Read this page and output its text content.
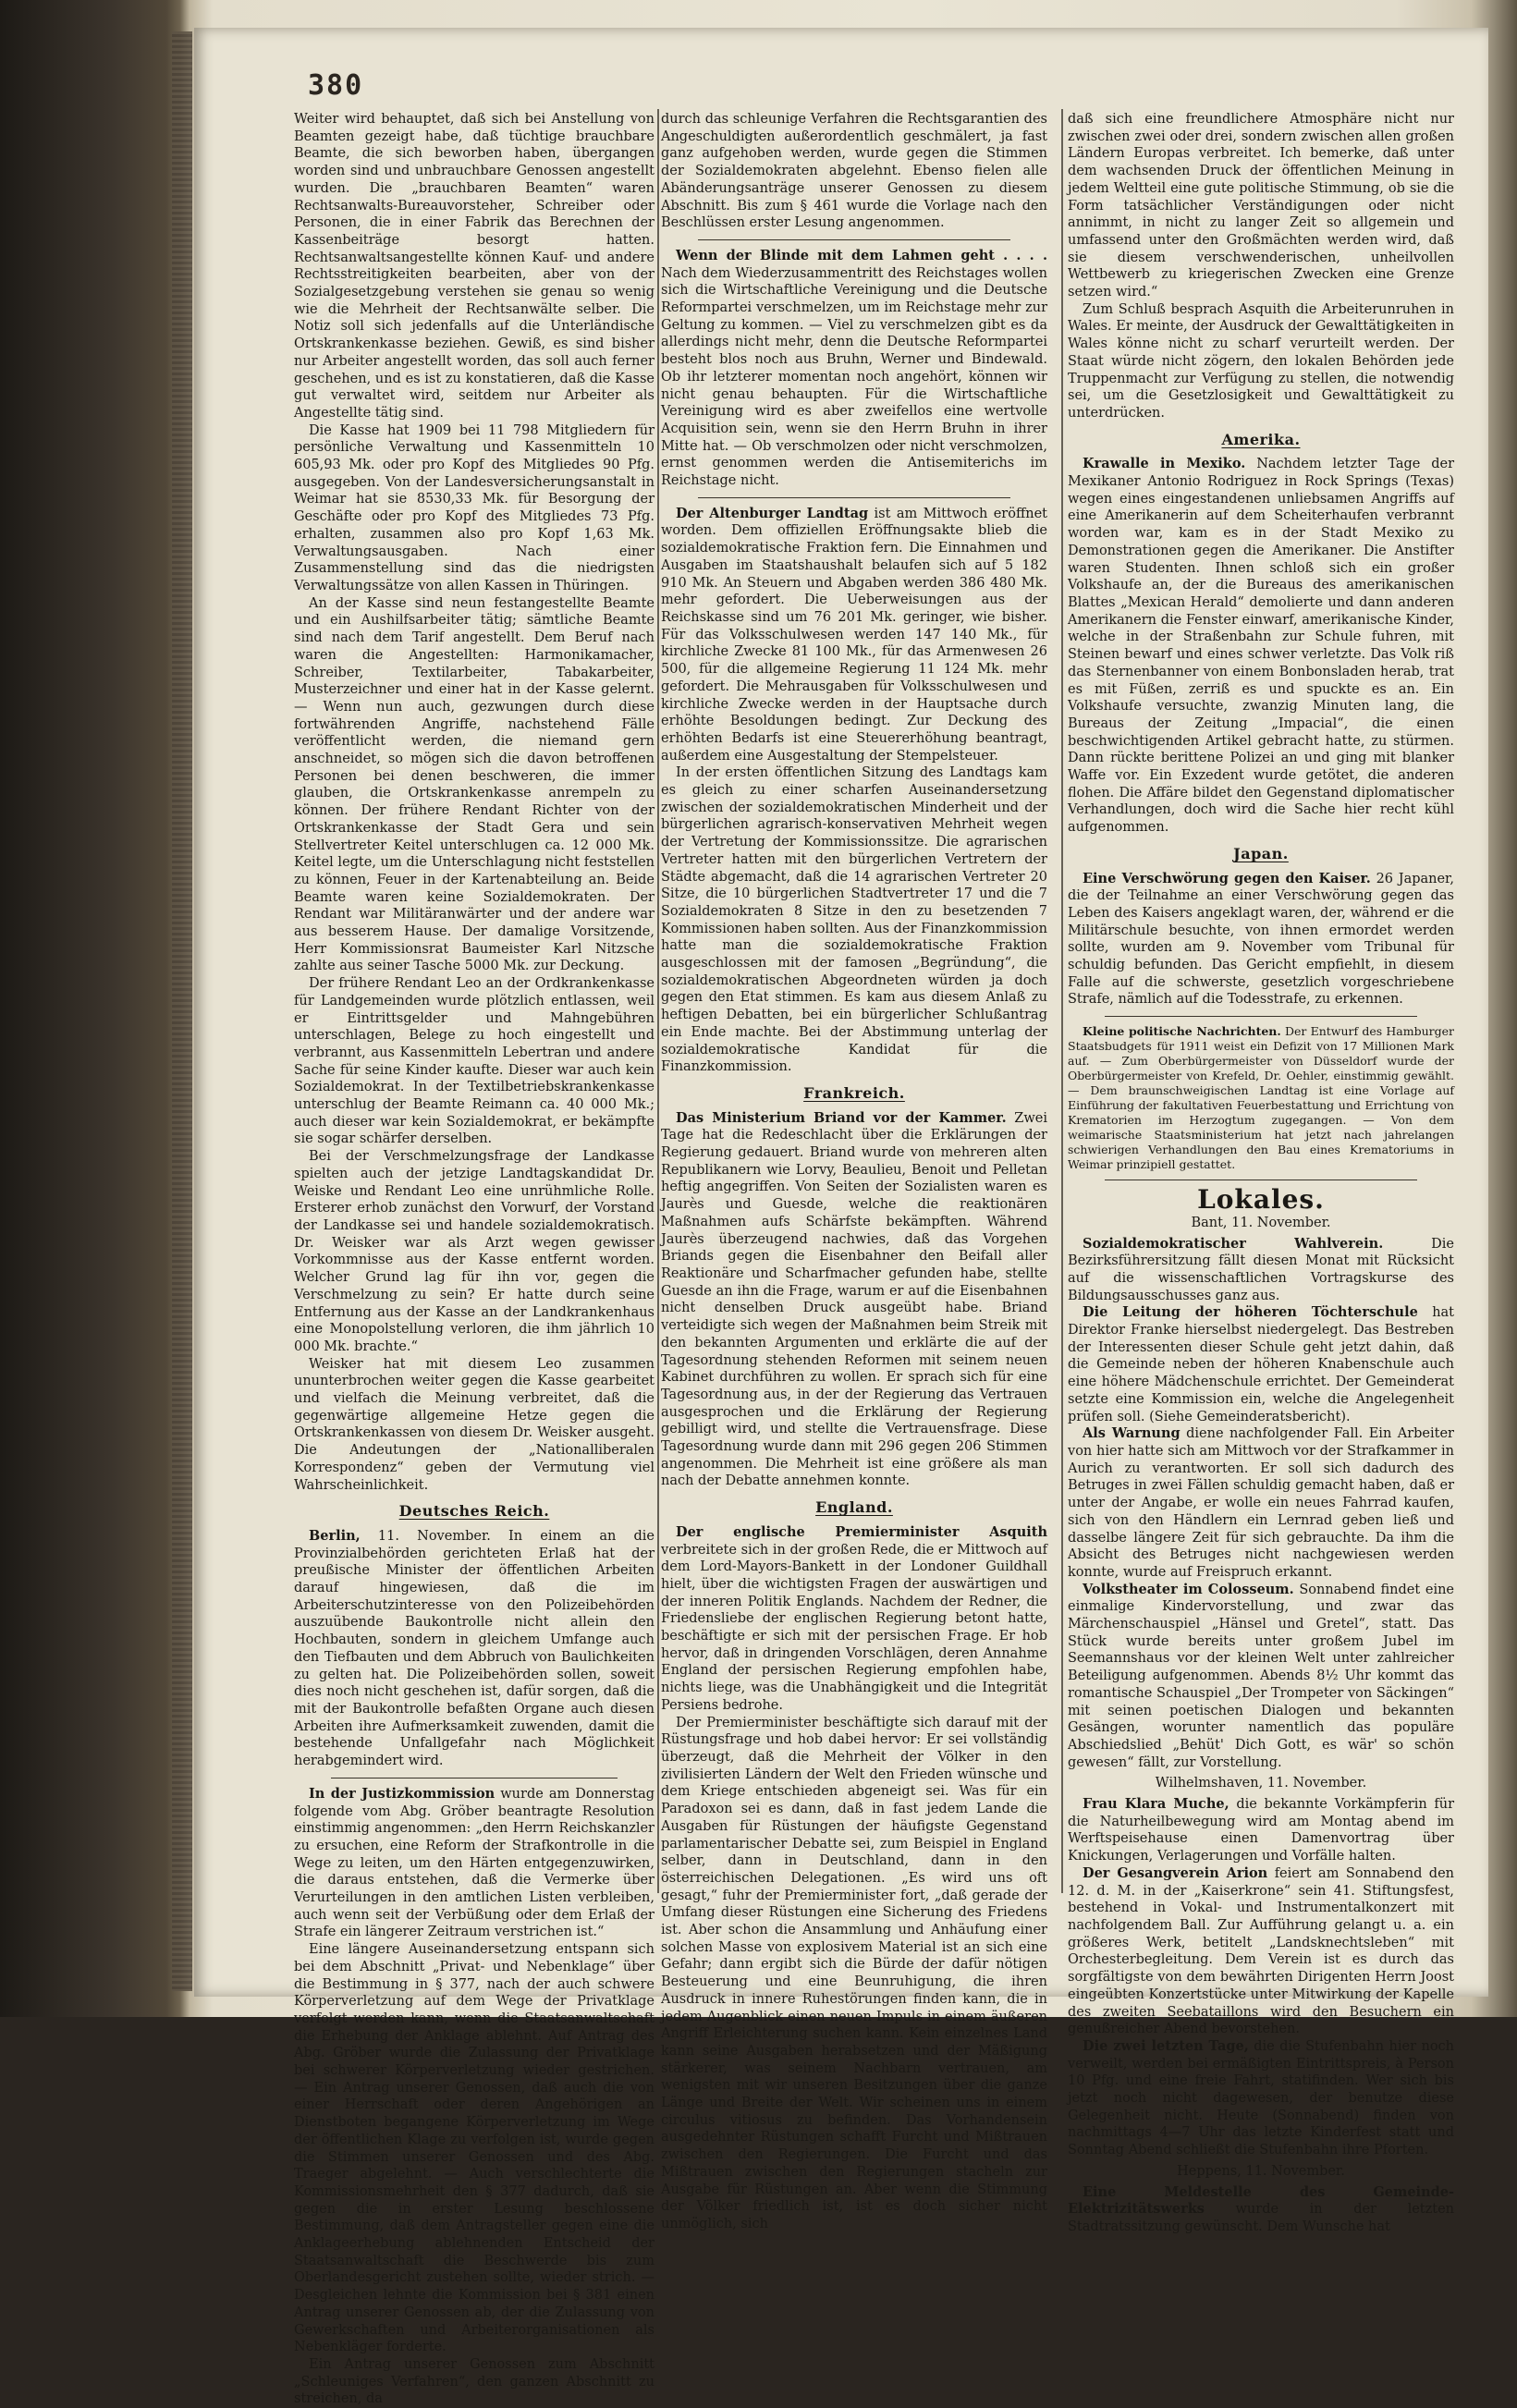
380

Weiter wird behauptet, daß sich bei Anstellung von Beamten gezeigt habe, daß tüchtige brauchbare Beamte, die sich beworben haben, übergangen worden sind und unbrauchbare Genossen angestellt wurden. Die „brauchbaren Beamten“ waren Rechtsanwalts-Bureauvorsteher, Schreiber oder Personen, die in einer Fabrik das Berechnen der Kassenbeiträge besorgt hatten. Rechtsanwaltsangestellte können Kauf- und andere Rechtsstreitigkeiten bearbeiten, aber von der Sozialgesetzgebung verstehen sie genau so wenig wie die Mehrheit der Rechtsanwälte selber. Die Notiz soll sich jedenfalls auf die Unterländische Ortskrankenkasse beziehen. Gewiß, es sind bisher nur Arbeiter angestellt worden, das soll auch ferner geschehen, und es ist zu konstatieren, daß die Kasse gut verwaltet wird, seitdem nur Arbeiter als Angestellte tätig sind.

Die Kasse hat 1909 bei 11 798 Mitgliedern für persönliche Verwaltung und Kassenmitteln 10 605,93 Mk. oder pro Kopf des Mitgliedes 90 Pfg. ausgegeben. Von der Landesversicherungsanstalt in Weimar hat sie 8530,33 Mk. für Besorgung der Geschäfte oder pro Kopf des Mitgliedes 73 Pfg. erhalten, zusammen also pro Kopf 1,63 Mk. Verwaltungsausgaben. Nach einer Zusammenstellung sind das die niedrigsten Verwaltungssätze von allen Kassen in Thüringen.

An der Kasse sind neun festangestellte Beamte und ein Aushilfsarbeiter tätig; sämtliche Beamte sind nach dem Tarif angestellt. Dem Beruf nach waren die Angestellten: Harmonikamacher, Schreiber, Textilarbeiter, Tabakarbeiter, Musterzeichner und einer hat in der Kasse gelernt. — Wenn nun auch, gezwungen durch diese fortwährenden Angriffe, nachstehend Fälle veröffentlicht werden, die niemand gern anschneidet, so mögen sich die davon betroffenen Personen bei denen beschweren, die immer glauben, die Ortskrankenkasse anrempeln zu können. Der frühere Rendant Richter von der Ortskrankenkasse der Stadt Gera und sein Stellvertreter Keitel unterschlugen ca. 12 000 Mk. Keitel legte, um die Unterschlagung nicht feststellen zu können, Feuer in der Kartenabteilung an. Beide Beamte waren keine Sozialdemokraten. Der Rendant war Militäranwärter und der andere war aus besserem Hause. Der damalige Vorsitzende, Herr Kommissionsrat Baumeister Karl Nitzsche zahlte aus seiner Tasche 5000 Mk. zur Deckung.

Der frühere Rendant Leo an der Ordkrankenkasse für Landgemeinden wurde plötzlich entlassen, weil er Eintrittsgelder und Mahngebühren unterschlagen, Belege zu hoch eingestellt und verbrannt, aus Kassenmitteln Lebertran und andere Sache für seine Kinder kaufte. Dieser war auch kein Sozialdemokrat. In der Textilbetriebskrankenkasse unterschlug der Beamte Reimann ca. 40 000 Mk.; auch dieser war kein Sozialdemokrat, er bekämpfte sie sogar schärfer derselben.

Bei der Verschmelzungsfrage der Landkasse spielten auch der jetzige Landtagskandidat Dr. Weiske und Rendant Leo eine unrühmliche Rolle. Ersterer erhob zunächst den Vorwurf, der Vorstand der Landkasse sei und handele sozialdemokratisch. Dr. Weisker war als Arzt wegen gewisser Vorkommnisse aus der Kasse entfernt worden. Welcher Grund lag für ihn vor, gegen die Verschmelzung zu sein? Er hatte durch seine Entfernung aus der Kasse an der Landkrankenhaus eine Monopolstellung verloren, die ihm jährlich 10 000 Mk. brachte.“

Weisker hat mit diesem Leo zusammen ununterbrochen weiter gegen die Kasse gearbeitet und vielfach die Meinung verbreitet, daß die gegenwärtige allgemeine Hetze gegen die Ortskrankenkassen von diesem Dr. Weisker ausgeht. Die Andeutungen der „Nationalliberalen Korrespondenz“ geben der Vermutung viel Wahrscheinlichkeit.

Deutsches Reich.

Berlin, 11. November. In einem an die Provinzialbehörden gerichteten Erlaß hat der preußische Minister der öffentlichen Arbeiten darauf hingewiesen, daß die im Arbeiterschutzinteresse von den Polizeibehörden auszuübende Baukontrolle nicht allein den Hochbauten, sondern in gleichem Umfange auch den Tiefbauten und dem Abbruch von Baulichkeiten zu gelten hat. Die Polizeibehörden sollen, soweit dies noch nicht geschehen ist, dafür sorgen, daß die mit der Baukontrolle befaßten Organe auch diesen Arbeiten ihre Aufmerksamkeit zuwenden, damit die bestehende Unfallgefahr nach Möglichkeit herabgemindert wird.

In der Justizkommission wurde am Donnerstag folgende vom Abg. Gröber beantragte Resolution einstimmig angenommen: „den Herrn Reichskanzler zu ersuchen, eine Reform der Strafkontrolle in die Wege zu leiten, um den Härten entgegenzuwirken, die daraus entstehen, daß die Vermerke über Verurteilungen in den amtlichen Listen verbleiben, auch wenn seit der Verbüßung oder dem Erlaß der Strafe ein längerer Zeitraum verstrichen ist.“

Eine längere Auseinandersetzung entspann sich bei dem Abschnitt „Privat- und Nebenklage“ über die Bestimmung in § 377, nach der auch schwere Körperverletzung auf dem Wege der Privatklage verfolgt werden kann, wenn die Staatsanwaltschaft die Erhebung der Anklage ablehnt. Auf Antrag des Abg. Gröber wurde die Zulassung der Privatklage bei schwerer Körperverletzung wieder gestrichen. — Ein Antrag unserer Genossen, daß auch die von einer Herrschaft oder deren Angehörigen an Dienstboten begangene Körperverletzung im Wege der öffentlichen Klage zu verfolgen ist, wurde gegen die Stimmen unserer Genossen und des Abg. Traeger abgelehnt. — Auch verschlechterte die Kommissionsmehrheit den § 377 dadurch, daß sie gegen die in erster Lesung beschlossene Bestimmung, daß dem Antragsteller gegen eine die Anklageerhebung ablehnenden Entscheid der Staatsanwaltschaft die Beschwerde bis zum Oberlandesgericht zustehen sollte, wieder strich. — Desgleichen lehnte die Kommission bei § 381 einen Antrag unserer Genossen ab, der die Zulassung von Gewerkschaften und Arbeiterorganisationen als Nebenkläger forderte.

Ein Antrag unserer Genossen zum Abschnitt „Schleuniges Verfahren“, den ganzen Abschnitt zu streichen, da

durch das schleunige Verfahren die Rechtsgarantien des Angeschuldigten außerordentlich geschmälert, ja fast ganz aufgehoben werden, wurde gegen die Stimmen der Sozialdemokraten abgelehnt. Ebenso fielen alle Abänderungsanträge unserer Genossen zu diesem Abschnitt. Bis zum § 461 wurde die Vorlage nach den Beschlüssen erster Lesung angenommen.

Wenn der Blinde mit dem Lahmen geht . . . . Nach dem Wiederzusammentritt des Reichstages wollen sich die Wirtschaftliche Vereinigung und die Deutsche Reformpartei verschmelzen, um im Reichstage mehr zur Geltung zu kommen. — Viel zu verschmelzen gibt es da allerdings nicht mehr, denn die Deutsche Reformpartei besteht blos noch aus Bruhn, Werner und Bindewald. Ob ihr letzterer momentan noch angehört, können wir nicht genau behaupten. Für die Wirtschaftliche Vereinigung wird es aber zweifellos eine wertvolle Acquisition sein, wenn sie den Herrn Bruhn in ihrer Mitte hat. — Ob verschmolzen oder nicht verschmolzen, ernst genommen werden die Antisemiterichs im Reichstage nicht.

Der Altenburger Landtag ist am Mittwoch eröffnet worden. Dem offiziellen Eröffnungsakte blieb die sozialdemokratische Fraktion fern. Die Einnahmen und Ausgaben im Staatshaushalt belaufen sich auf 5 182 910 Mk. An Steuern und Abgaben werden 386 480 Mk. mehr gefordert. Die Ueberweisungen aus der Reichskasse sind um 76 201 Mk. geringer, wie bisher. Für das Volksschulwesen werden 147 140 Mk., für kirchliche Zwecke 81 100 Mk., für das Armenwesen 26 500, für die allgemeine Regierung 11 124 Mk. mehr gefordert. Die Mehrausgaben für Volksschulwesen und kirchliche Zwecke werden in der Hauptsache durch erhöhte Besoldungen bedingt. Zur Deckung des erhöhten Bedarfs ist eine Steuererhöhung beantragt, außerdem eine Ausgestaltung der Stempelsteuer.

In der ersten öffentlichen Sitzung des Landtags kam es gleich zu einer scharfen Auseinandersetzung zwischen der sozialdemokratischen Minderheit und der bürgerlichen agrarisch-konservativen Mehrheit wegen der Vertretung der Kommissionssitze. Die agrarischen Vertreter hatten mit den bürgerlichen Vertretern der Städte abgemacht, daß die 14 agrarischen Vertreter 20 Sitze, die 10 bürgerlichen Stadtvertreter 17 und die 7 Sozialdemokraten 8 Sitze in den zu besetzenden 7 Kommissionen haben sollten. Aus der Finanzkommission hatte man die sozialdemokratische Fraktion ausgeschlossen mit der famosen „Begründung“, die sozialdemokratischen Abgeordneten würden ja doch gegen den Etat stimmen. Es kam aus diesem Anlaß zu heftigen Debatten, bei ein bürgerlicher Schlußantrag ein Ende machte. Bei der Abstimmung unterlag der sozialdemokratische Kandidat für die Finanzkommission.

Frankreich.

Das Ministerium Briand vor der Kammer. Zwei Tage hat die Redeschlacht über die Erklärungen der Regierung gedauert. Briand wurde von mehreren alten Republikanern wie Lorvy, Beaulieu, Benoit und Pelletan heftig angegriffen. Von Seiten der Sozialisten waren es Jaurès und Guesde, welche die reaktionären Maßnahmen aufs Schärfste bekämpften. Während Jaurès überzeugend nachwies, daß das Vorgehen Briands gegen die Eisenbahner den Beifall aller Reaktionäre und Scharfmacher gefunden habe, stellte Guesde an ihn die Frage, warum er auf die Eisenbahnen nicht denselben Druck ausgeübt habe. Briand verteidigte sich wegen der Maßnahmen beim Streik mit den bekannten Argumenten und erklärte die auf der Tagesordnung stehenden Reformen mit seinem neuen Kabinet durchführen zu wollen. Er sprach sich für eine Tagesordnung aus, in der der Regierung das Vertrauen ausgesprochen und die Erklärung der Regierung gebilligt wird, und stellte die Vertrauensfrage. Diese Tagesordnung wurde dann mit 296 gegen 206 Stimmen angenommen. Die Mehrheit ist eine größere als man nach der Debatte annehmen konnte.

England.

Der englische Premierminister Asquith verbreitete sich in der großen Rede, die er Mittwoch auf dem Lord-Mayors-Bankett in der Londoner Guildhall hielt, über die wichtigsten Fragen der auswärtigen und der inneren Politik Englands. Nachdem der Redner, die Friedensliebe der englischen Regierung betont hatte, beschäftigte er sich mit der persischen Frage. Er hob hervor, daß in dringenden Vorschlägen, deren Annahme England der persischen Regierung empfohlen habe, nichts liege, was die Unabhängigkeit und die Integrität Persiens bedrohe.

Der Premierminister beschäftigte sich darauf mit der Rüstungsfrage und hob dabei hervor: Er sei vollständig überzeugt, daß die Mehrheit der Völker in den zivilisierten Ländern der Welt den Frieden wünsche und dem Kriege entschieden abgeneigt sei. Was für ein Paradoxon sei es dann, daß in fast jedem Lande die Ausgaben für Rüstungen der häufigste Gegenstand parlamentarischer Debatte sei, zum Beispiel in England selber, dann in Deutschland, dann in den österreichischen Delegationen. „Es wird uns oft gesagt,“ fuhr der Premierminister fort, „daß gerade der Umfang dieser Rüstungen eine Sicherung des Friedens ist. Aber schon die Ansammlung und Anhäufung einer solchen Masse von explosivem Material ist an sich eine Gefahr; dann ergibt sich die Bürde der dafür nötigen Besteuerung und eine Beunruhigung, die ihren Ausdruck in innere Ruhestörungen finden kann, die in jedem Augenblick einen neuen Impuls in einem äußeren Angriff Erleichterung suchen kann. Kein einzelnes Land kann seine Ausgaben herabsetzen und der Mäßigung stärkerer, was seinem Nachbarn vertrauen, am wenigsten mit wir unseren Besitzungen über die ganze Länge und Breite der Welt. Wir scheinen uns in einem circulus vitiosus zu befinden. Das Vorhandensein ausgedehnter Rüstungen schafft Furcht und Mißtrauen zwischen den Regierungen. Die Furcht und das Mißtrauen zwischen den Regierungen stacheln zur Ausgabe für Rüstungen an. Aber wenn die Stimmung der Völker friedlich ist, ist es doch sicher nicht unmöglich, sich

daß sich eine freundlichere Atmosphäre nicht nur zwischen zwei oder drei, sondern zwischen allen großen Ländern Europas verbreitet. Ich bemerke, daß unter dem wachsenden Druck der öffentlichen Meinung in jedem Weltteil eine gute politische Stimmung, ob sie die Form tatsächlicher Verständigungen oder nicht annimmt, in nicht zu langer Zeit so allgemein und umfassend unter den Großmächten werden wird, daß sie diesem verschwenderischen, unheilvollen Wettbewerb zu kriegerischen Zwecken eine Grenze setzen wird.“

Zum Schluß besprach Asquith die Arbeiterunruhen in Wales. Er meinte, der Ausdruck der Gewalttätigkeiten in Wales könne nicht zu scharf verurteilt werden. Der Staat würde nicht zögern, den lokalen Behörden jede Truppenmacht zur Verfügung zu stellen, die notwendig sei, um die Gesetzlosigkeit und Gewalttätigkeit zu unterdrücken.

Amerika.

Krawalle in Mexiko. Nachdem letzter Tage der Mexikaner Antonio Rodriguez in Rock Springs (Texas) wegen eines eingestandenen unliebsamen Angriffs auf eine Amerikanerin auf dem Scheiterhaufen verbrannt worden war, kam es in der Stadt Mexiko zu Demonstrationen gegen die Amerikaner. Die Anstifter waren Studenten. Ihnen schloß sich ein großer Volkshaufe an, der die Bureaus des amerikanischen Blattes „Mexican Herald“ demolierte und dann anderen Amerikanern die Fenster einwarf, amerikanische Kinder, welche in der Straßenbahn zur Schule fuhren, mit Steinen bewarf und eines schwer verletzte. Das Volk riß das Sternenbanner von einem Bonbonsladen herab, trat es mit Füßen, zerriß es und spuckte es an. Ein Volkshaufe versuchte, zwanzig Minuten lang, die Bureaus der Zeitung „Impacial“, die einen beschwichtigenden Artikel gebracht hatte, zu stürmen. Dann rückte berittene Polizei an und ging mit blanker Waffe vor. Ein Exzedent wurde getötet, die anderen flohen. Die Affäre bildet den Gegenstand diplomatischer Verhandlungen, doch wird die Sache hier recht kühl aufgenommen.

Japan.

Eine Verschwörung gegen den Kaiser. 26 Japaner, die der Teilnahme an einer Verschwörung gegen das Leben des Kaisers angeklagt waren, der, während er die Militärschule besuchte, von ihnen ermordet werden sollte, wurden am 9. November vom Tribunal für schuldig befunden. Das Gericht empfiehlt, in diesem Falle auf die schwerste, gesetzlich vorgeschriebene Strafe, nämlich auf die Todesstrafe, zu erkennen.

Kleine politische Nachrichten. Der Entwurf des Hamburger Staatsbudgets für 1911 weist ein Defizit von 17 Millionen Mark auf. — Zum Oberbürgermeister von Düsseldorf wurde der Oberbürgermeister von Krefeld, Dr. Oehler, einstimmig gewählt. — Dem braunschweigischen Landtag ist eine Vorlage auf Einführung der fakultativen Feuerbestattung und Errichtung von Krematorien im Herzogtum zugegangen. — Von dem weimarische Staatsministerium hat jetzt nach jahrelangen schwierigen Verhandlungen den Bau eines Krematoriums in Weimar prinzipiell gestattet.

Lokales.
Bant, 11. November.

Sozialdemokratischer Wahlverein.	Die Bezirksführersitzung fällt diesen Monat mit Rücksicht auf die wissenschaftlichen Vortragskurse des Bildungsausschusses ganz aus.

Die Leitung der höheren Töchterschule hat Direktor Franke hierselbst niedergelegt. Das Bestreben der Interessenten dieser Schule geht jetzt dahin, daß die Gemeinde neben der höheren Knabenschule auch eine höhere Mädchenschule errichtet. Der Gemeinderat setzte eine Kommission ein, welche die Angelegenheit prüfen soll. (Siehe Gemeinderatsbericht).

Als Warnung diene nachfolgender Fall. Ein Arbeiter von hier hatte sich am Mittwoch vor der Strafkammer in Aurich zu verantworten. Er soll sich dadurch des Betruges in zwei Fällen schuldig gemacht haben, daß er unter der Angabe, er wolle ein neues Fahrrad kaufen, sich von den Händlern ein Lernrad geben ließ und dasselbe längere Zeit für sich gebrauchte. Da ihm die Absicht des Betruges nicht nachgewiesen werden konnte, wurde auf Freispruch erkannt.

Volkstheater im Colosseum. Sonnabend findet eine einmalige Kindervorstellung, und zwar das Märchenschauspiel „Hänsel und Gretel“, statt. Das Stück wurde bereits unter großem Jubel im Seemannshaus vor der kleinen Welt unter zahlreicher Beteiligung aufgenommen. Abends 8½ Uhr kommt das romantische Schauspiel „Der Trompeter von Säckingen“ mit seinen poetischen Dialogen und bekannten Gesängen, worunter namentlich das populäre Abschiedslied „Behüt' Dich Gott, es wär' so schön gewesen“ fällt, zur Vorstellung.

Wilhelmshaven, 11. November.

Frau Klara Muche, die bekannte Vorkämpferin für die Naturheilbewegung wird am Montag abend im Werftspeisehause einen Damenvortrag über Knickungen, Verlagerungen und Vorfälle halten.

Der Gesangverein Arion feiert am Sonnabend den 12. d. M. in der „Kaiserkrone“ sein 41. Stiftungsfest, bestehend in Vokal- und Instrumentalkonzert mit nachfolgendem Ball. Zur Aufführung gelangt u. a. ein größeres Werk, betitelt „Landsknechtsleben“ mit Orchesterbegleitung. Dem Verein ist es durch das sorgfältigste von dem bewährten Dirigenten Herrn Joost eingeübten Konzertstücke unter Mitwirkung der Kapelle des zweiten Seebataillons wird den Besuchern ein genußreicher Abend bevorstehen.

Die zwei letzten Tage, die die Stufenbahn hier noch verweilt, werden bei ermäßigten Eintrittspreis, à Person 10 Pfg. und eine freie Fahrt, statifinden. Wer sich bis jetzt noch nicht dagewesen, der benutze diese Gelegenheit nicht. Heute (Sonnabend) finden von nachmittags 4—7 Uhr das letzte Kinderfest statt und Sonntag Abend schließt die Stufenbahn ihre Pforten.

Heppens, 11. November.

Eine Meldestelle des Gemeinde-Elektrizitätswerks wurde in der letzten Stadtratssitzung gewünscht. Dem Wunsche hat
